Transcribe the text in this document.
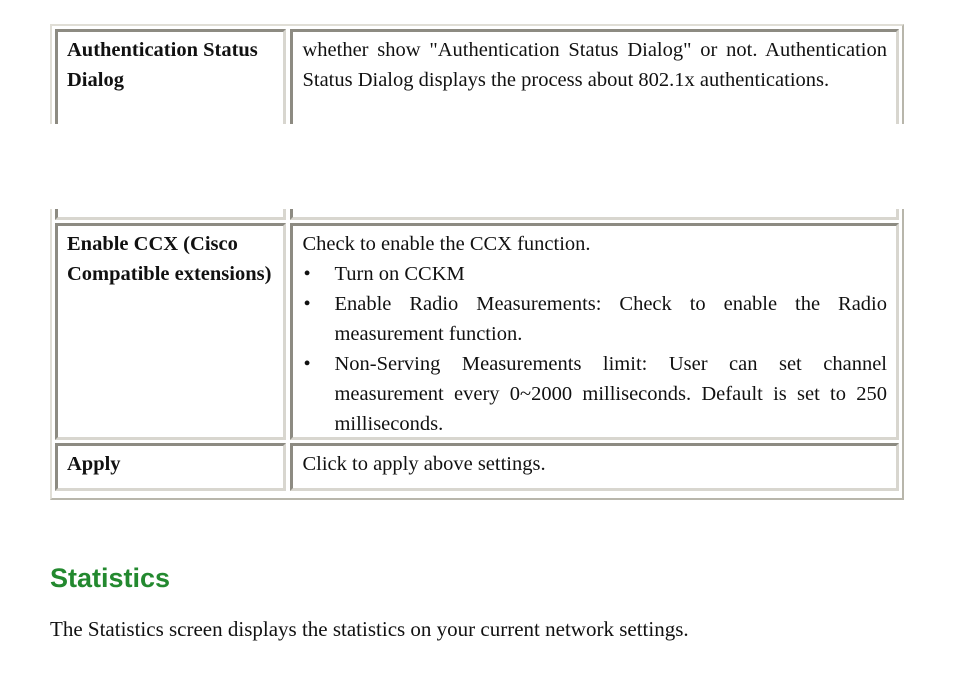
Authentication Status Dialog
whether show "Authentication Status Dialog" or not. Authentication Status Dialog displays the process about 802.1x authentications.
Enable CCX (Cisco Compatible extensions)
Check to enable the CCX function.
• Turn on CCKM
• Enable Radio Measurements: Check to enable the Radio measurement function.
• Non-Serving Measurements limit: User can set channel measurement every 0~2000 milliseconds. Default is set to 250 milliseconds.
Apply	Click to apply above settings.
Statistics

The Statistics screen displays the statistics on your current network settings.
